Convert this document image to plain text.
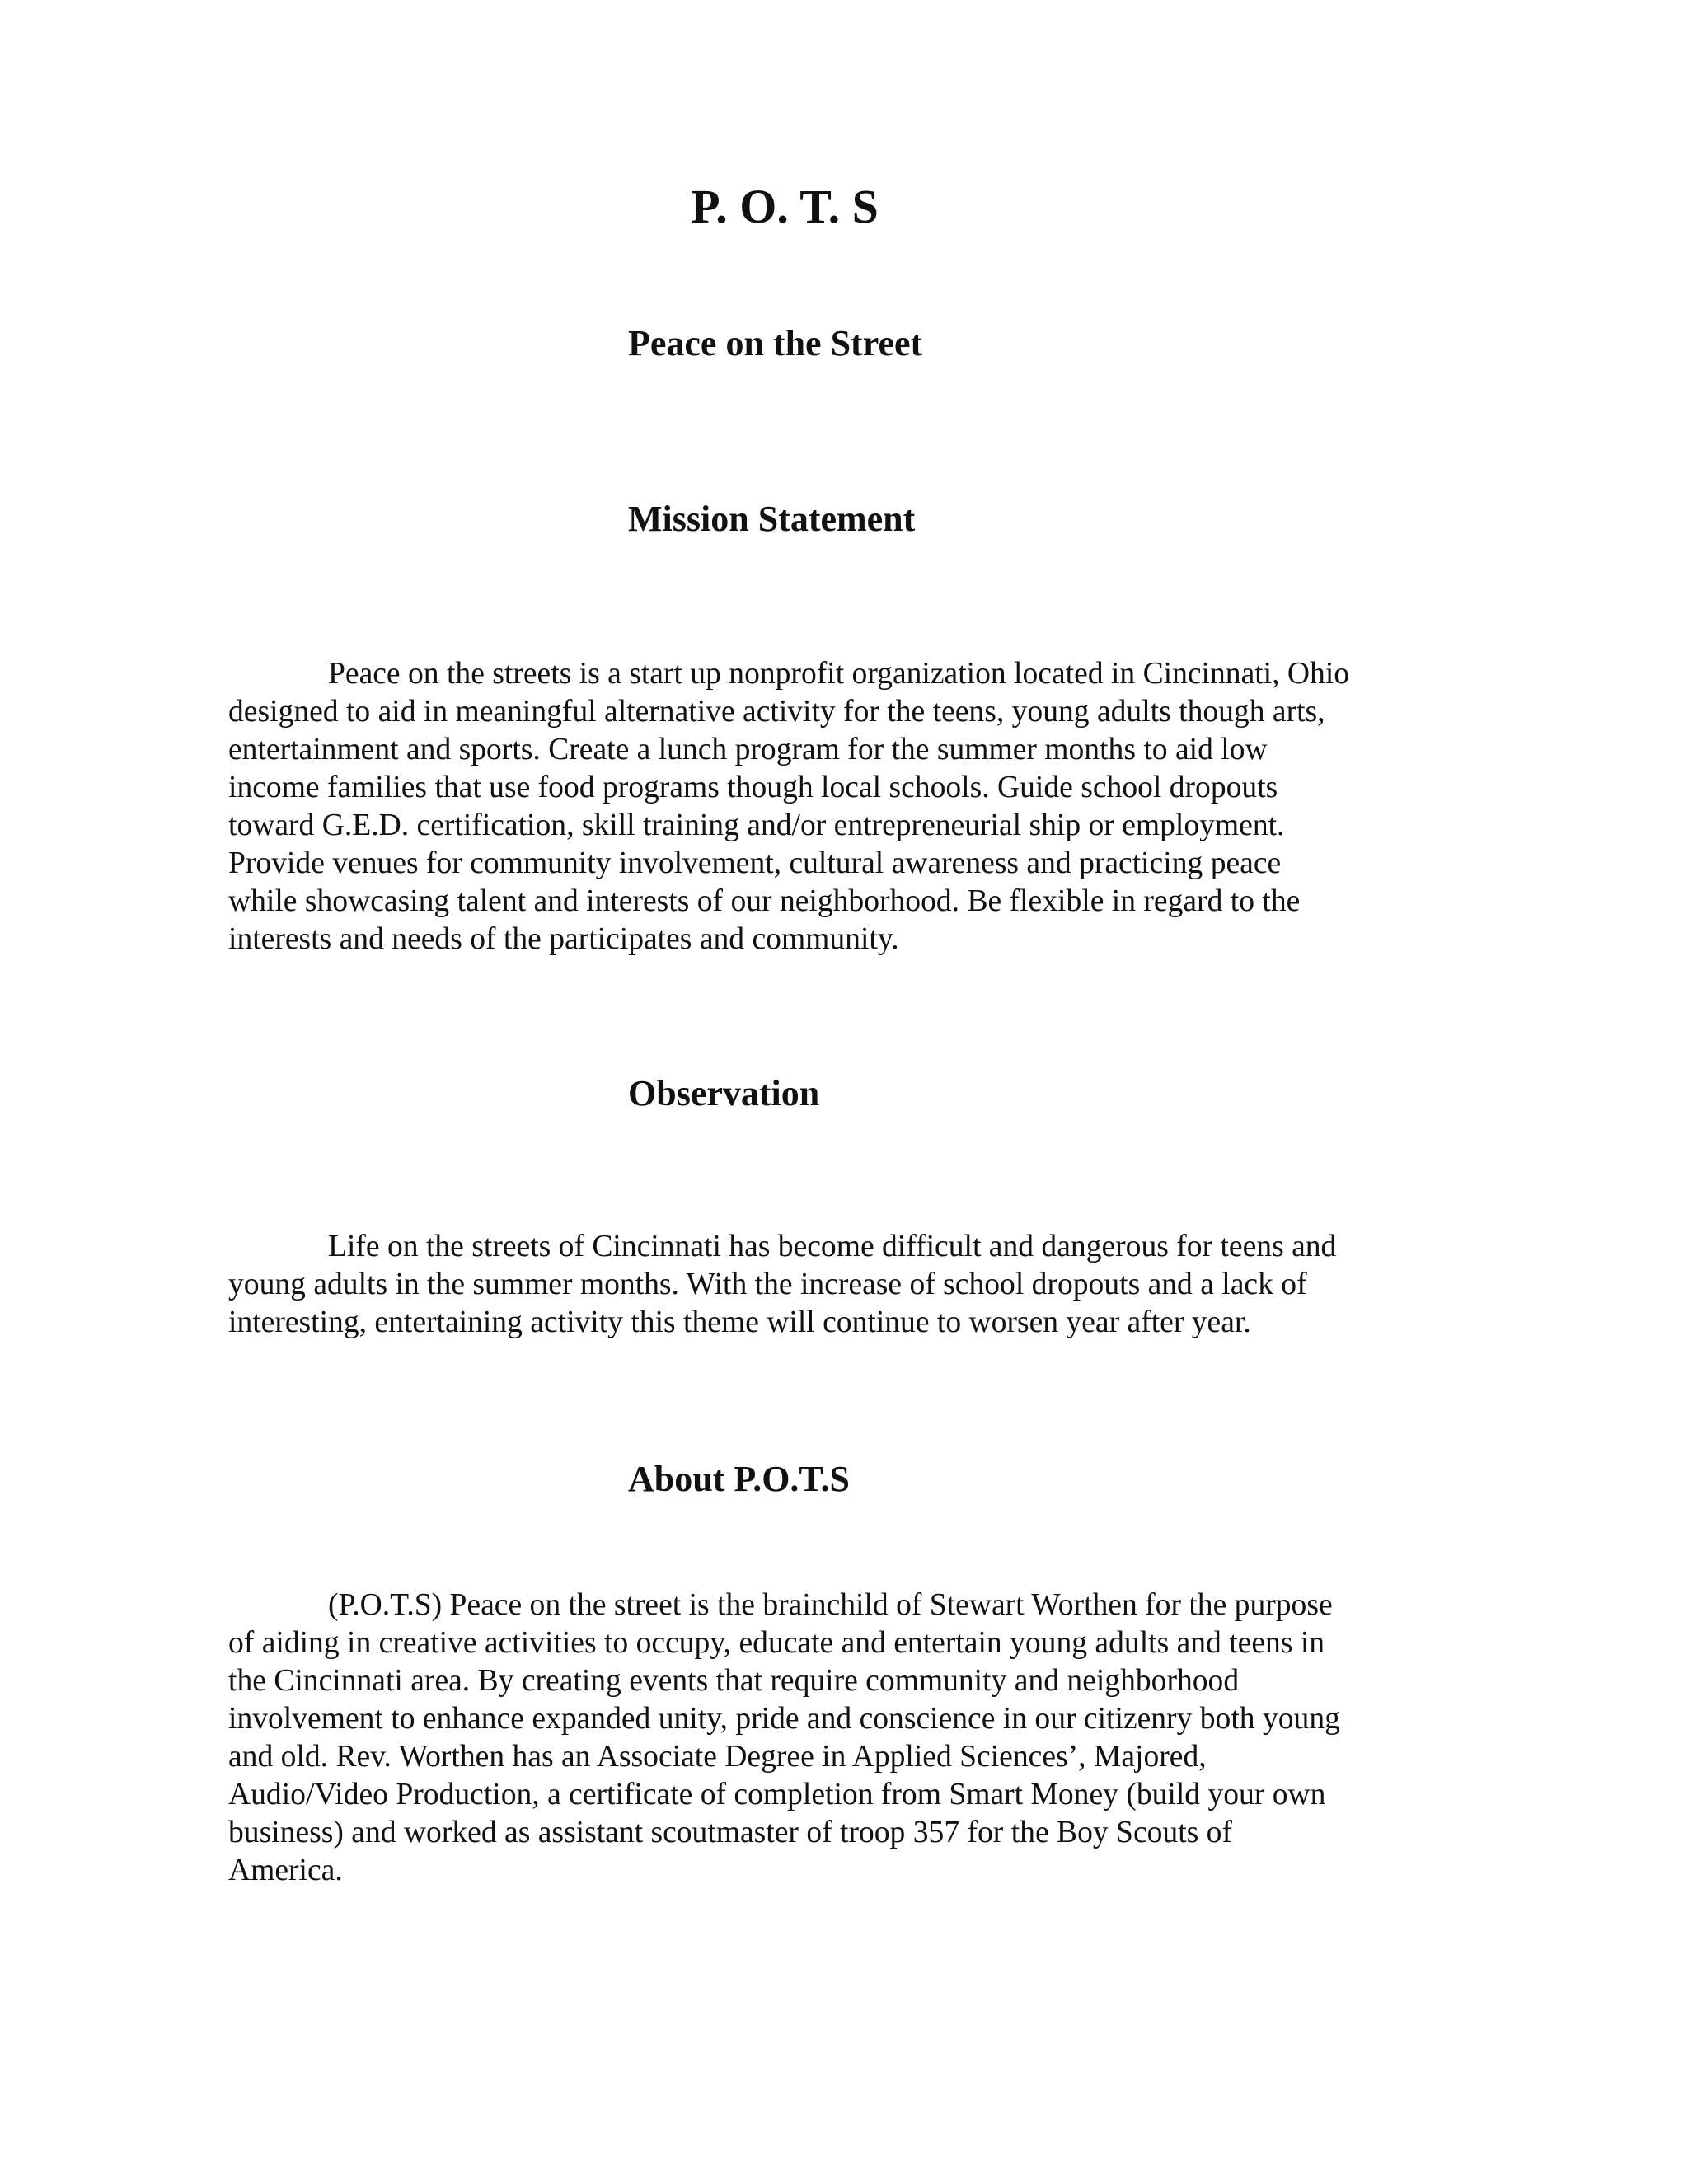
P. O. T. S
Peace on the Street
Mission Statement
Peace on the streets is a start up nonprofit organization located in Cincinnati, Ohio
designed to aid in meaningful alternative activity for the teens, young adults though arts,
entertainment and sports. Create a lunch program for the summer months to aid low
income families that use food programs though local schools. Guide school dropouts
toward G.E.D. certification, skill training and/or entrepreneurial ship or employment.
Provide venues for community involvement, cultural awareness and practicing peace
while showcasing talent and interests of our neighborhood. Be flexible in regard to the
interests and needs of the participates and community.
Observation
Life on the streets of Cincinnati has become difficult and dangerous for teens and
young adults in the summer months. With the increase of school dropouts and a lack of
interesting, entertaining activity this theme will continue to worsen year after year.
About P.O.T.S
(P.O.T.S) Peace on the street is the brainchild of Stewart Worthen for the purpose
of aiding in creative activities to occupy, educate and entertain young adults and teens in
the Cincinnati area. By creating events that require community and neighborhood
involvement to enhance expanded unity, pride and conscience in our citizenry both young
and old. Rev. Worthen has an Associate Degree in Applied Sciences’, Majored,
Audio/Video Production, a certificate of completion from Smart Money (build your own
business) and worked as assistant scoutmaster of troop 357 for the Boy Scouts of
America.
